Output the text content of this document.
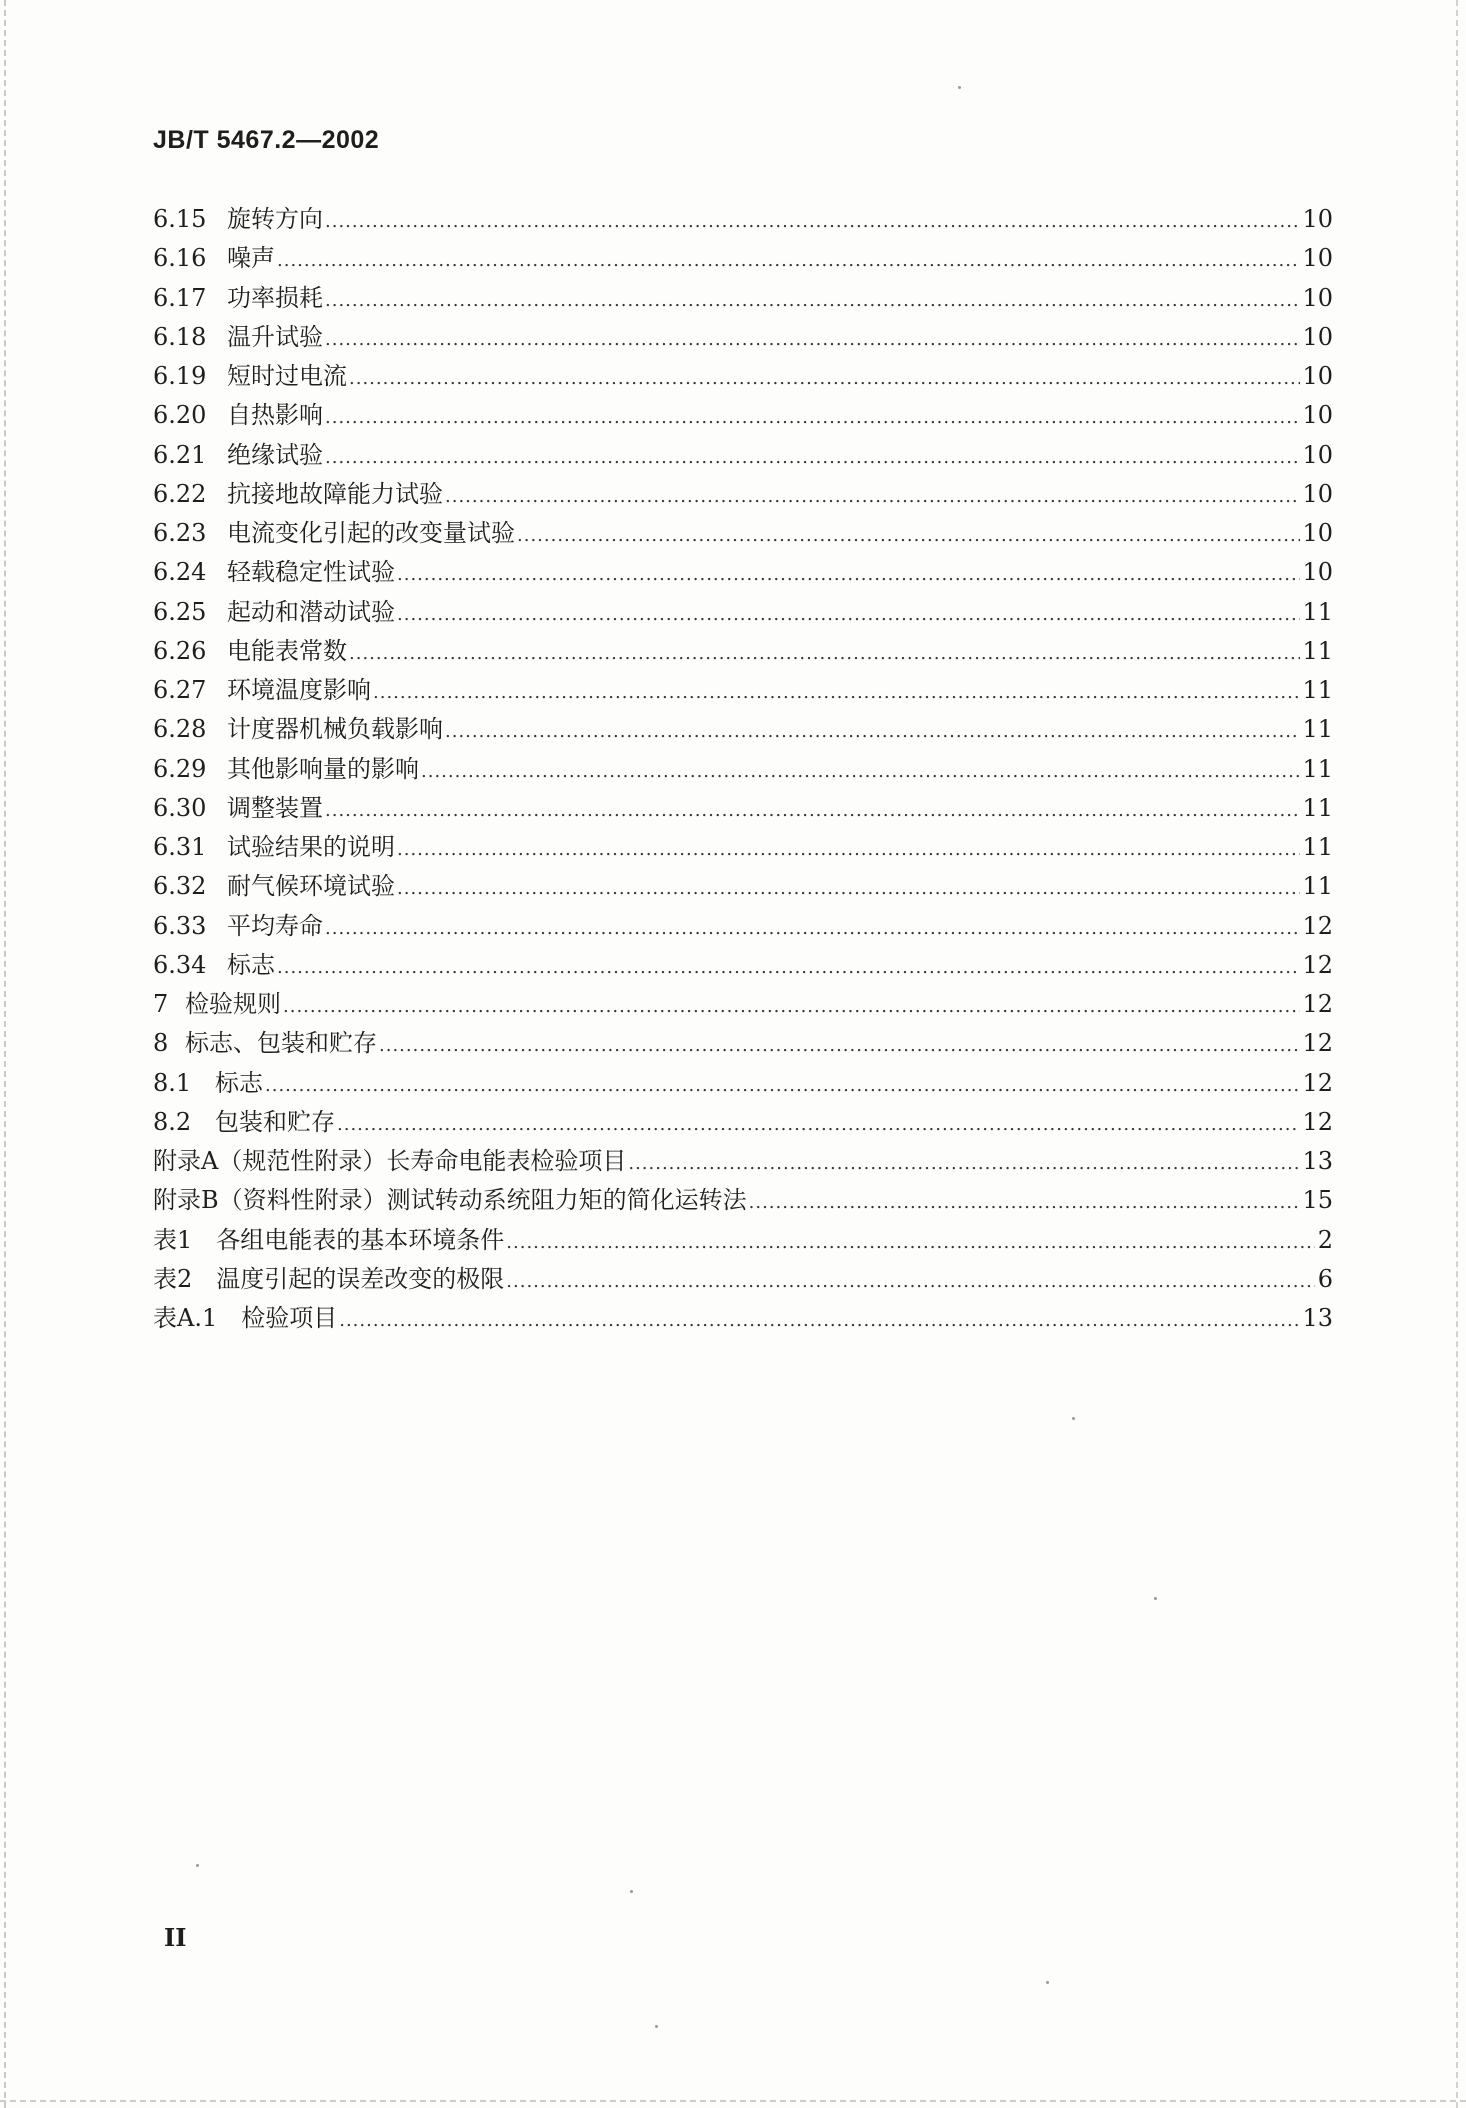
JB/T 5467.2—2002
6.15 旋转方向 .....	10
6.16 噪声 .....	10
6.17 功率损耗 .....	10
6.18 温升试验 .....	10
6.19 短时过电流 .....	10
6.20 自热影响 .....	10
6.21 绝缘试验 .....	10
6.22 抗接地故障能力试验 .....	10
6.23 电流变化引起的改变量试验 .....	10
6.24 轻载稳定性试验 .....	10
6.25 起动和潜动试验 .....	11
6.26 电能表常数 .....	11
6.27 环境温度影响 .....	11
6.28 计度器机械负载影响 .....	11
6.29 其他影响量的影响 .....	11
6.30 调整装置 .....	11
6.31 试验结果的说明 .....	11
6.32 耐气候环境试验 .....	11
6.33 平均寿命 .....	12
6.34 标志 .....	12
7 检验规则 .....	12
8 标志、包装和贮存 .....	12
8.1 标志 .....	12
8.2 包装和贮存 .....	12
附录A（规范性附录）长寿命电能表检验项目 .....	13
附录B（资料性附录）测试转动系统阻力矩的简化运转法 .....	15
表1　各组电能表的基本环境条件 .....	2
表2　温度引起的误差改变的极限 .....	6
表A.1　检验项目 .....	13
II
